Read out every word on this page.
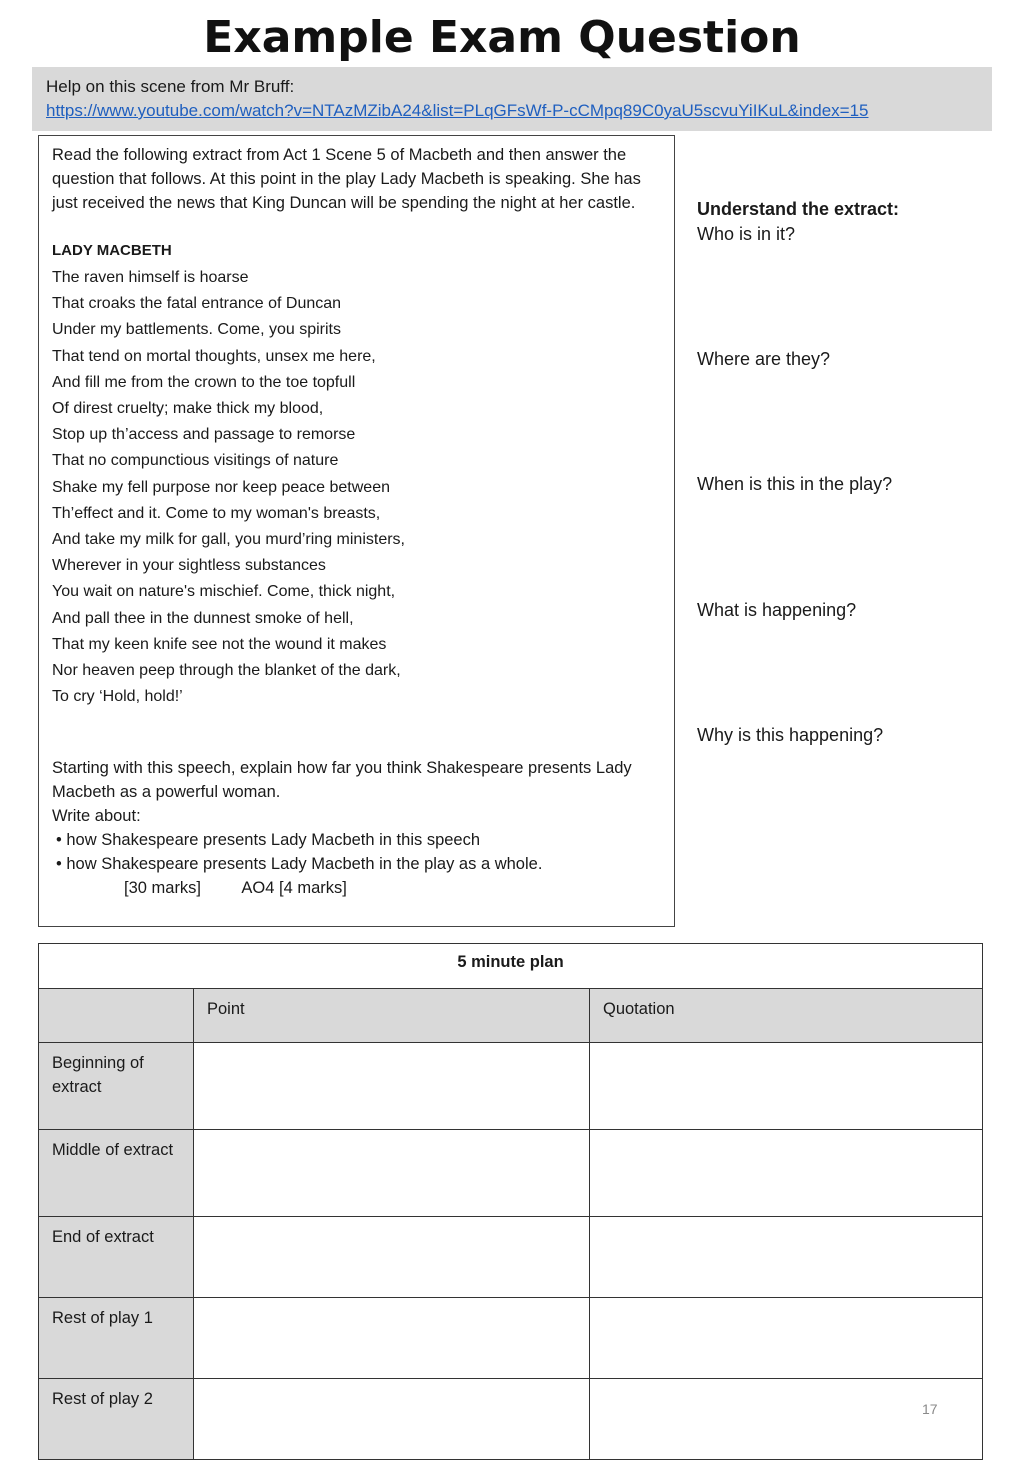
Example Exam Question
Help on this scene from Mr Bruff:
https://www.youtube.com/watch?v=NTAzMZibA24&list=PLqGFsWf-P-cCMpq89C0yaU5scvuYiIKuL&index=15

Read the following extract from Act 1 Scene 5 of Macbeth and then answer the question that follows. At this point in the play Lady Macbeth is speaking. She has just received the news that King Duncan will be spending the night at her castle.

LADY MACBETH
The raven himself is hoarse
That croaks the fatal entrance of Duncan
Under my battlements. Come, you spirits
That tend on mortal thoughts, unsex me here,
And fill me from the crown to the toe topfull
Of direst cruelty; make thick my blood,
Stop up th’access and passage to remorse
That no compunctious visitings of nature
Shake my fell purpose nor keep peace between
Th’effect and it. Come to my woman's breasts,
And take my milk for gall, you murd’ring ministers,
Wherever in your sightless substances
You wait on nature's mischief. Come, thick night,
And pall thee in the dunnest smoke of hell,
That my keen knife see not the wound it makes
Nor heaven peep through the blanket of the dark,
To cry ‘Hold, hold!’
Starting with this speech, explain how far you think Shakespeare presents Lady Macbeth as a powerful woman.
Write about:
• how Shakespeare presents Lady Macbeth in this speech
• how Shakespeare presents Lady Macbeth in the play as a whole.
[30 marks] AO4 [4 marks]
Understand the extract:
Who is in it?
Where are they?
When is this in the play?
What is happening?
Why is this happening?
5 minute plan		
	Point	Quotation
Beginning of extract		
Middle of extract		
End of extract		
Rest of play 1		
Rest of play 2		
17
